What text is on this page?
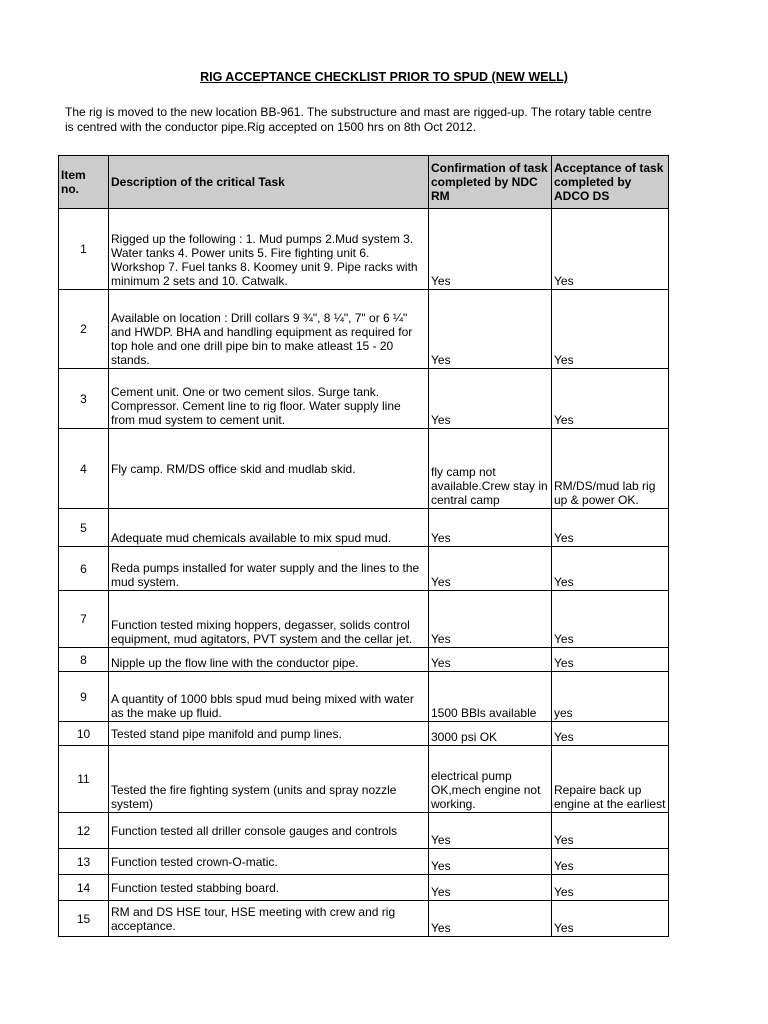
RIG ACCEPTANCE CHECKLIST PRIOR TO SPUD (NEW WELL)
The rig is moved to the new location BB-961. The substructure and mast are rigged-up. The rotary table centre is centred with the conductor pipe.Rig accepted on 1500 hrs on 8th Oct 2012.
Item no.	Description of the critical Task	Confirmation of task completed by NDC RM	Acceptance of task completed by ADCO DS
1	Rigged up the following : 1. Mud pumps 2.Mud system 3. Water tanks 4. Power units 5. Fire fighting unit 6. Workshop 7. Fuel tanks 8. Koomey unit 9. Pipe racks with minimum 2 sets and 10. Catwalk.	Yes	Yes
2	Available on location : Drill collars 9 ¾", 8 ¼", 7" or 6 ¼" and HWDP. BHA and handling equipment as required for top hole and one drill pipe bin to make atleast 15 - 20 stands.	Yes	Yes
3	Cement unit. One or two cement silos. Surge tank. Compressor. Cement line to rig floor. Water supply line from mud system to cement unit.	Yes	Yes
4	Fly camp. RM/DS office skid and mudlab skid.	fly camp not available.Crew stay in central camp	RM/DS/mud lab rig up & power OK.
5	Adequate mud chemicals available to mix spud mud.	Yes	Yes
6	Reda pumps installed for water supply and the lines to the mud system.	Yes	Yes
7	Function tested mixing hoppers, degasser, solids control equipment, mud agitators, PVT system and the cellar jet.	Yes	Yes
8	Nipple up the flow line with the conductor pipe.	Yes	Yes
9	A quantity of 1000 bbls spud mud being mixed with water as the make up fluid.	1500 BBls available	yes
10	Tested stand pipe manifold and pump lines.	3000 psi OK	Yes
11	Tested the fire fighting system (units and spray nozzle system)	electrical pump OK,mech engine not working.	Repaire back up engine at the earliest
12	Function tested all driller console gauges and controls	Yes	Yes
13	Function tested crown-O-matic.	Yes	Yes
14	Function tested stabbing board.	Yes	Yes
15	RM and DS HSE tour, HSE meeting with crew and rig acceptance.	Yes	Yes
